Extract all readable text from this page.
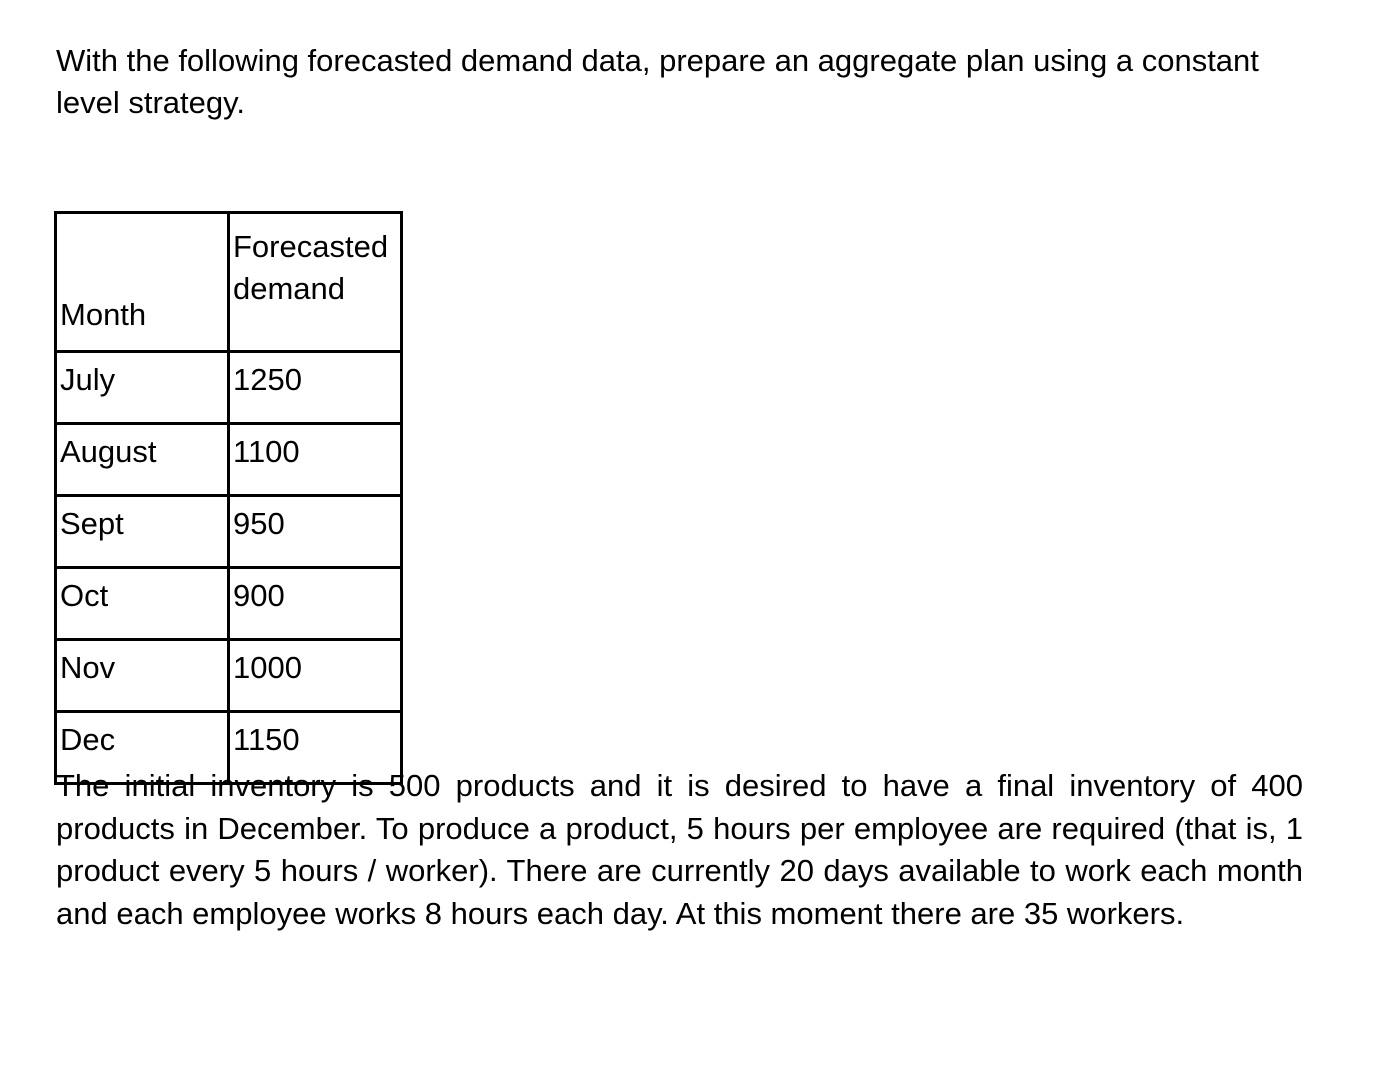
With the following forecasted demand data, prepare an aggregate plan using a constant level strategy.

Month	Forecasted demand
July	1250
August	1100
Sept	950
Oct	900
Nov	1000
Dec	1150

The initial inventory is 500 products and it is desired to have a final inventory of 400 products in December. To produce a product, 5 hours per employee are required (that is, 1 product every 5 hours / worker). There are currently 20 days available to work each month and each employee works 8 hours each day. At this moment there are 35 workers.
